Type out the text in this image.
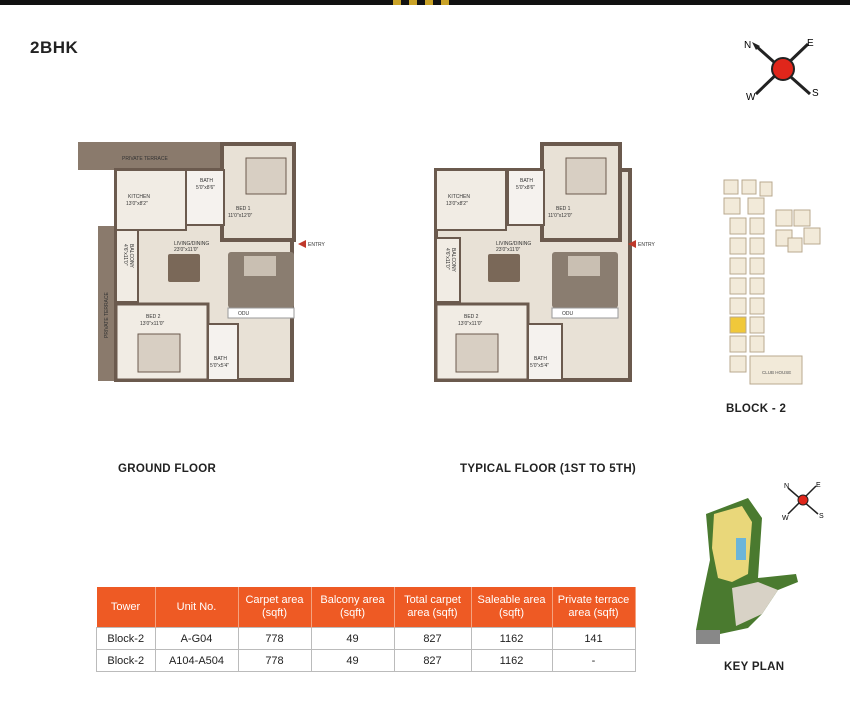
2BHK	N	E
S
W
PRIVATE TERRACE
KITCHEN
13'0"x8'2"
BATH
5'0"x8'6"
BED 1
11'0"x12'0"
LIVING/DINING
23'0"x11'0"
BALCONY
4'6"x11'0"
PRIVATE TERRACE	BED 2
13'0"x11'0"
BATH
5'0"x5'4"
ODU
ENTRY
KITCHEN
13'0"x8'2"
BATH
5'0"x8'6"
BED 1
11'0"x12'0"
LIVING/DINING
23'0"x11'0"
BALCONY
4'6"x11'0"
BED 2
13'0"x11'0"
BATH
5'0"x5'4"
ODU
ENTRY
GROUND FLOOR	TYPICAL FLOOR (1ST TO 5TH)
CLUB HOUSE
BLOCK - 2
N	E
S
W
KEY PLAN
Tower	Unit No.	Carpet area (sqft)	Balcony area (sqft)	Total carpet area (sqft)	Saleable area (sqft)	Private terrace area (sqft)
Block-2	A-G04	778	49	827	1162	141
Block-2	A104-A504	778	49	827	1162	-
